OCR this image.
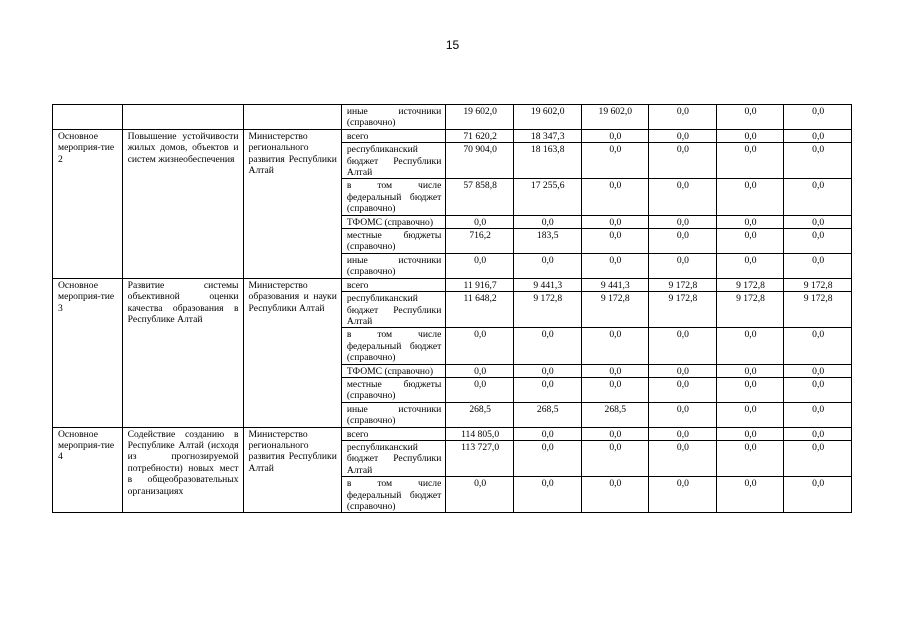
15
			иные источники (справочно)	19 602,0	19 602,0	19 602,0	0,0	0,0	0,0
Основное мероприя-тие 2	Повышение устойчивости жилых домов, объектов и систем жизнеобеспечения	Министерство регионального развития Республики Алтай	всего	71 620,2	18 347,3	0,0	0,0	0,0	0,0
			республиканский бюджет Республики Алтай	70 904,0	18 163,8	0,0	0,0	0,0	0,0
			в том числе федеральный бюджет (справочно)	57 858,8	17 255,6	0,0	0,0	0,0	0,0
			ТФОМС (справочно)	0,0	0,0	0,0	0,0	0,0	0,0
			местные бюджеты (справочно)	716,2	183,5	0,0	0,0	0,0	0,0
			иные источники (справочно)	0,0	0,0	0,0	0,0	0,0	0,0
Основное мероприя-тие 3	Развитие системы объективной оценки качества образования в Республике Алтай	Министерство образования и науки Республики Алтай	всего	11 916,7	9 441,3	9 441,3	9 172,8	9 172,8	9 172,8
			республиканский бюджет Республики Алтай	11 648,2	9 172,8	9 172,8	9 172,8	9 172,8	9 172,8
			в том числе федеральный бюджет (справочно)	0,0	0,0	0,0	0,0	0,0	0,0
			ТФОМС (справочно)	0,0	0,0	0,0	0,0	0,0	0,0
			местные бюджеты (справочно)	0,0	0,0	0,0	0,0	0,0	0,0
			иные источники (справочно)	268,5	268,5	268,5	0,0	0,0	0,0
Основное мероприя-тие 4	Содействие созданию в Республике Алтай (исходя из прогнозируемой потребности) новых мест в общеобразовательных организациях	Министерство регионального развития Республики Алтай	всего	114 805,0	0,0	0,0	0,0	0,0	0,0
			республиканский бюджет Республики Алтай	113 727,0	0,0	0,0	0,0	0,0	0,0
			в том числе федеральный бюджет (справочно)	0,0	0,0	0,0	0,0	0,0	0,0
